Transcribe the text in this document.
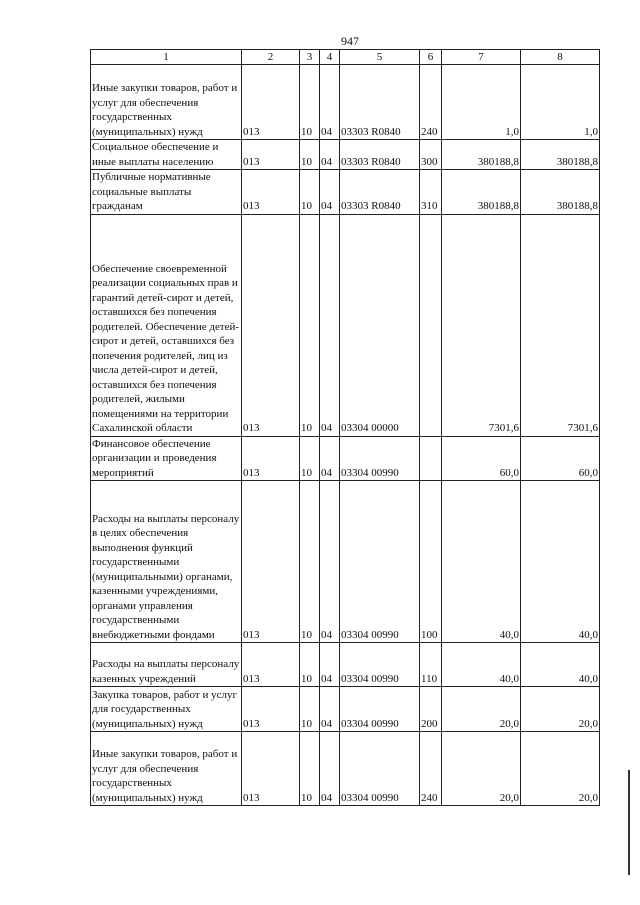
947
1	2	3	4	5	6	7	8
Иные закупки товаров, работ и услуг для обеспечения государственных (муниципальных) нужд	013	10	04	03303 R0840	240	1,0	1,0
Социальное обеспечение и иные выплаты населению	013	10	04	03303 R0840	300	380188,8	380188,8
Публичные нормативные социальные выплаты гражданам	013	10	04	03303 R0840	310	380188,8	380188,8
Обеспечение своевременной реализации социальных прав и гарантий детей-сирот и детей, оставшихся без попечения родителей. Обеспечение детей-сирот и детей, оставшихся без попечения родителей, лиц из числа детей-сирот и детей, оставшихся без попечения родителей, жилыми помещениями на территории Сахалинской области	013	10	04	03304 00000		7301,6	7301,6
Финансовое обеспечение организации и проведения мероприятий	013	10	04	03304 00990		60,0	60,0
Расходы на выплаты персоналу в целях обеспечения выполнения функций государственными (муниципальными) органами, казенными учреждениями, органами управления государственными внебюджетными фондами	013	10	04	03304 00990	100	40,0	40,0
Расходы на выплаты персоналу казенных учреждений	013	10	04	03304 00990	110	40,0	40,0
Закупка товаров, работ и услуг для государственных (муниципальных) нужд	013	10	04	03304 00990	200	20,0	20,0
Иные закупки товаров, работ и услуг для обеспечения государственных (муниципальных) нужд	013	10	04	03304 00990	240	20,0	20,0
